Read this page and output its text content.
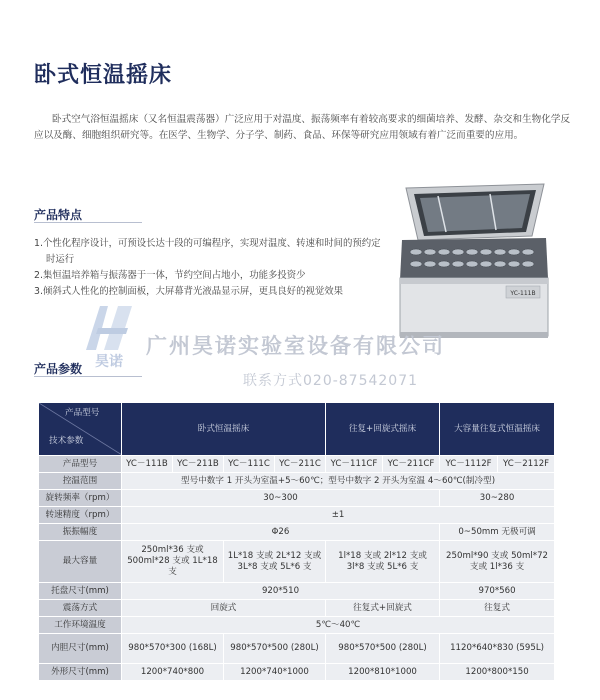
卧式恒温摇床
卧式空气浴恒温摇床（又名恒温震荡器）广泛应用于对温度、振荡频率有着较高要求的细菌培养、发酵、杂交和生物化学反应以及酶、细胞组织研究等。在医学、生物学、分子学、制药、食品、环保等研究应用领域有着广泛而重要的应用。
产品特点
1.个性化程序设计，可预设长达十段的可编程序，实现对温度、转速和时间的预约定
时运行
2.集恒温培养箱与振荡器于一体，节约空间占地小，功能多投资少
3.倾斜式人性化的控制面板，大屏幕背光液晶显示屏，更具良好的视觉效果	YC-111B
昊诺
广州昊诺实验室设备有限公司
产品参数
联系方式020-87542071
产品型号
技术参数	卧式恒温摇床				往复+回旋式摇床		大容量往复式恒温摇床	
产品型号	YC－111B	YC－211B	YC－111C	YC－211C	YC－111CF	YC－211CF	YC－1112F	YC－2112F
控温范围	型号中数字 1 开头为室温+5～60℃；型号中数字 2 开头为室温 4～60℃(制冷型)							
旋转频率（rpm）	30~300						30~280	
转速精度（rpm）	±1							
振振幅度	Φ26						0~50mm 无极可调	
最大容量	250ml*36 支或500ml*28 支或 1L*18 支		1L*18 支或 2L*12 支或 3L*8 支或 5L*6 支		1l*18 支或 2l*12 支或 3l*8 支或 5L*6 支		250ml*90 支或 50ml*72 支或 1l*36 支	
托盘尺寸(mm)	920*510						970*560	
震荡方式	回旋式				往复式+回旋式		往复式	
工作环境温度	5℃～40℃							
内胆尺寸(mm)	980*570*300 (168L)		980*570*500 (280L)		980*570*500 (280L)		1120*640*830 (595L)	
外形尺寸(mm)	1200*740*800		1200*740*1000		1200*810*1000		1200*800*150	
